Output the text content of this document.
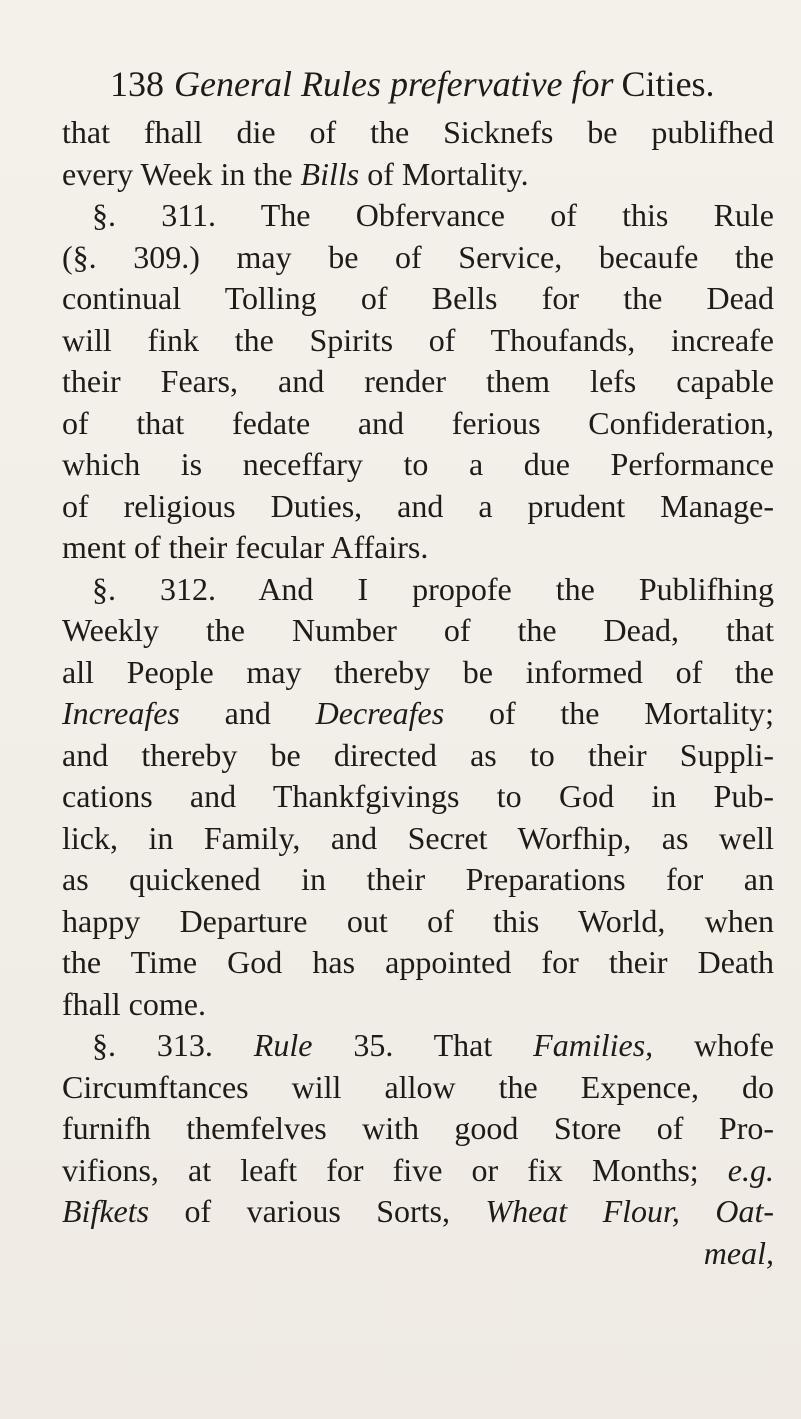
138 General Rules prefervative for Cities.
that fhall die of the Sicknefs be publifhed
every Week in the Bills of Mortality.
§. 311. The Obfervance of this Rule
(§. 309.) may be of Service, becaufe the
continual Tolling of Bells for the Dead
will fink the Spirits of Thoufands, increafe
their Fears, and render them lefs capable
of that fedate and ferious Confideration,
which is neceffary to a due Performance
of religious Duties, and a prudent Manage-
ment of their fecular Affairs.
§. 312. And I propofe the Publifhing
Weekly the Number of the Dead, that
all People may thereby be informed of the
Increafes and Decreafes of the Mortality;
and thereby be directed as to their Suppli-
cations and Thankfgivings to God in Pub-
lick, in Family, and Secret Worfhip, as well
as quickened in their Preparations for an
happy Departure out of this World, when
the Time God has appointed for their Death
fhall come.
§. 313. Rule 35. That Families, whofe
Circumftances will allow the Expence, do
furnifh themfelves with good Store of Pro-
vifions, at leaft for five or fix Months; e.g.
Bifkets of various Sorts, Wheat Flour, Oat-
meal,
